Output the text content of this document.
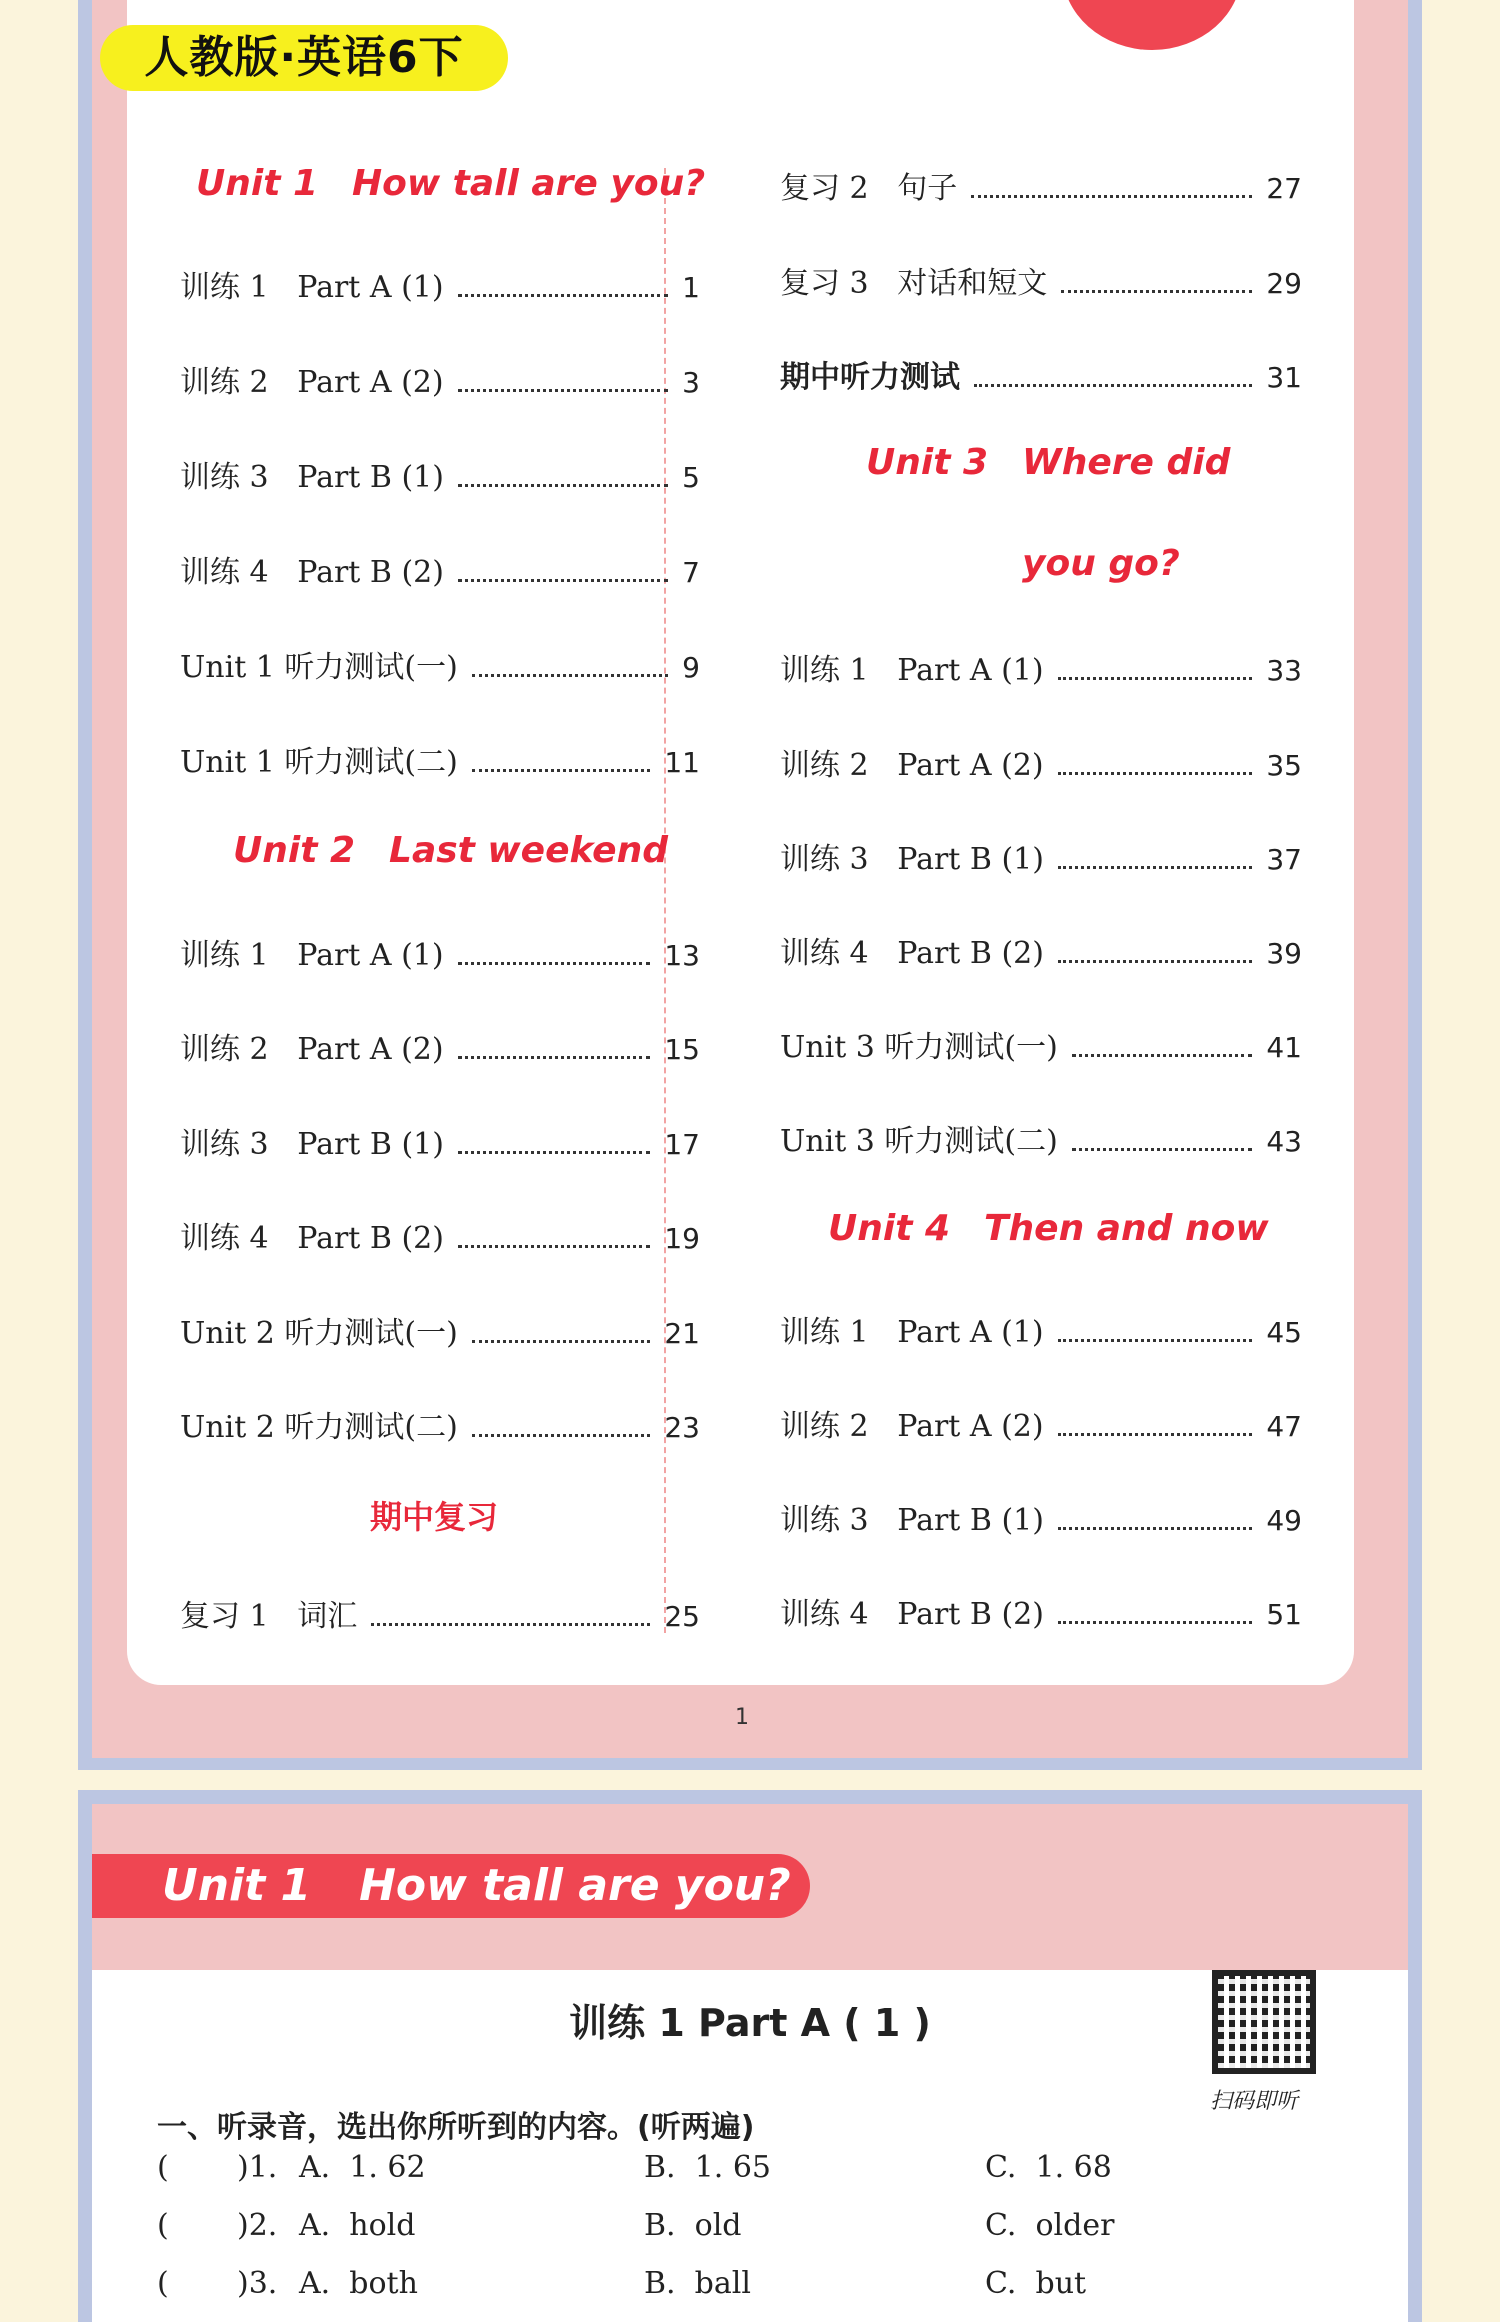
人教版·英语6下
Unit 1 How tall are you?
训练 1   Part A (1)	1
训练 2   Part A (2)	3
训练 3   Part B (1)	5
训练 4   Part B (2)	7
Unit 1 听力测试(一)	9
Unit 1 听力测试(二)	11
Unit 2 Last weekend
训练 1   Part A (1)	13
训练 2   Part A (2)	15
训练 3   Part B (1)	17
训练 4   Part B (2)	19
Unit 2 听力测试(一)	21
Unit 2 听力测试(二)	23
期中复习
复习 1   词汇	25
复习 2   句子	27
复习 3   对话和短文	29
期中听力测试	31
Unit 3 Where did
you go?
训练 1   Part A (1)	33
训练 2   Part A (2)	35
训练 3   Part B (1)	37
训练 4   Part B (2)	39
Unit 3 听力测试(一)	41
Unit 3 听力测试(二)	43
Unit 4 Then and now
训练 1   Part A (1)	45
训练 2   Part A (2)	47
训练 3   Part B (1)	49
训练 4   Part B (2)	51
1
Unit 1 How tall are you?
训练 1 Part A ( 1 )
扫码即听
一、听录音，选出你所听到的内容。(听两遍)
( )1. A.  1. 62	B.  1. 65	C.  1. 68
( )2. A.  hold	B.  old	C.  older
( )3. A.  both	B.  ball	C.  but
